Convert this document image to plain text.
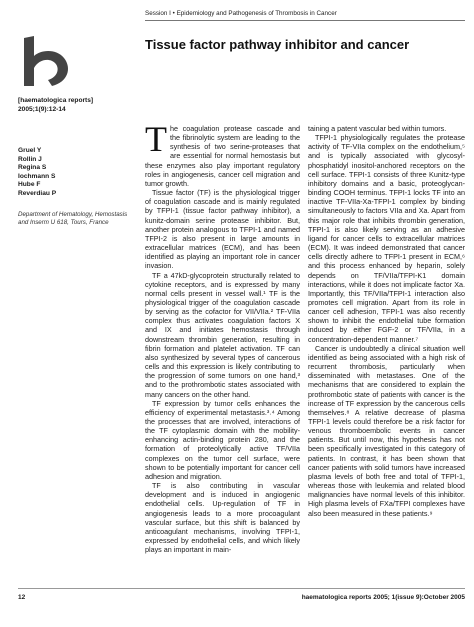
Session I • Epidemiology and Pathogenesis of Thrombosis in Cancer
Tissue factor pathway inhibitor and cancer
[haematologica reports]
2005;1(9):12-14
Gruel Y
Rollin J
Regina S
Iochmann S
Hube F
Reverdiau P
Department of Hematology, Hemostasis and Inserm U 618, Tours, France

The coagulation protease cascade and the fibrinolytic system are leading to the synthesis of two serine-proteases that are essential for normal hemostasis but these enzymes also play important regulatory roles in angiogenesis, cancer cell migration and tumor growth.

Tissue factor (TF) is the physiological trigger of coagulation cascade and is mainly regulated by TFPI-1 (tissue factor pathway inhibitor), a kunitz-domain serine protease inhibitor. But, another protein analogous to TFPI-1 and named TFPI-2 is also present in large amounts in extracellular matrices (ECM), and has been identified as playing an important role in cancer invasion.

TF a 47kD-glycoprotein structurally related to cytokine receptors, and is expressed by many normal cells present in vessel wall.¹ TF is the physiological trigger of the coagulation cascade by serving as the cofactor for VII/VIIa.² TF-VIIa complex thus activates coagulation factors X and IX and initiates hemostasis through downstream thrombin generation, resulting in fibrin formation and platelet activation. TF can also synthesized by several types of cancerous cells and this expression is likely contributing to the progression of some tumors on one hand,³ and to the prothrombotic states associated with many cancers on the other hand.

TF expression by tumor cells enhances the efficiency of experimental metastasis.³˒⁴ Among the processes that are involved, interactions of the TF cytoplasmic domain with the mobility-enhancing actin-binding protein 280, and the formation of proteolytically active TF/VIIa complexes on the tumor cell surface, were shown to be potentially important for cancer cell adhesion and migration.

TF is also contributing in vascular development and is induced in angiogenic endothelial cells. Up-regulation of TF in angiogenesis leads to a more procoagulant vascular surface, but this shift is balanced by anticoagulant mechanisms, involving TFPI-1, expressed by endothelial cells, and which likely plays an important in main-

taining a patent vascular bed within tumors.

TFPI-1 physiologically regulates the protease activity of TF-VIIa complex on the endothelium,⁵ and is typically associated with glycosyl-phosphatidyl inositol-anchored receptors on the cell surface. TFPI-1 consists of three Kunitz-type inhibitory domains and a basic, proteoglycan-binding COOH terminus. TFPI-1 locks TF into an inactive TF-VIIa-Xa-TFPI-1 complex by binding simultaneously to factors VIIa and Xa. Apart from this major role that inhibits thrombin generation, TFPI-1 is also likely serving as an adhesive ligand for cancer cells to extracellular matrices (ECM). It was indeed demonstrated that cancer cells directly adhere to TFPI-1 present in ECM,⁶ and this process enhanced by heparin, solely depends on TF/VIIa/TFPI-K1 domain interactions, while it does not implicate factor Xa. Importantly, this TF/VIIa/TFPI-1 interaction also promotes cell migration. Apart from its role in cancer cell adhesion, TFPI-1 was also recently shown to inhibit the endothelial tube formation induced by either FGF-2 or TF/VIIa, in a concentration-dependent manner.⁷

Cancer is undoubtedly a clinical situation well identified as being associated with a high risk of recurrent thrombosis, particularly when disseminated with metastases. One of the mechanisms that are considered to explain the prothrombotic state of patients with cancer is the increase of TF expression by the cancerous cells themselves.⁸ A relative decrease of plasma TFPI-1 levels could therefore be a risk factor for venous thromboembolic events in cancer patients. But until now, this hypothesis has not been specifically investigated in this category of patients. In contrast, it has been shown that cancer patients with solid tumors have increased plasma levels of both free and total of TFPI-1, whereas those with leukemia and related blood malignancies have normal levels of this inhibitor. High plasma levels of FXa/TFPI complexes have also been measured in these patients.⁹

12	haematologica reports 2005; 1(issue 9):October 2005
